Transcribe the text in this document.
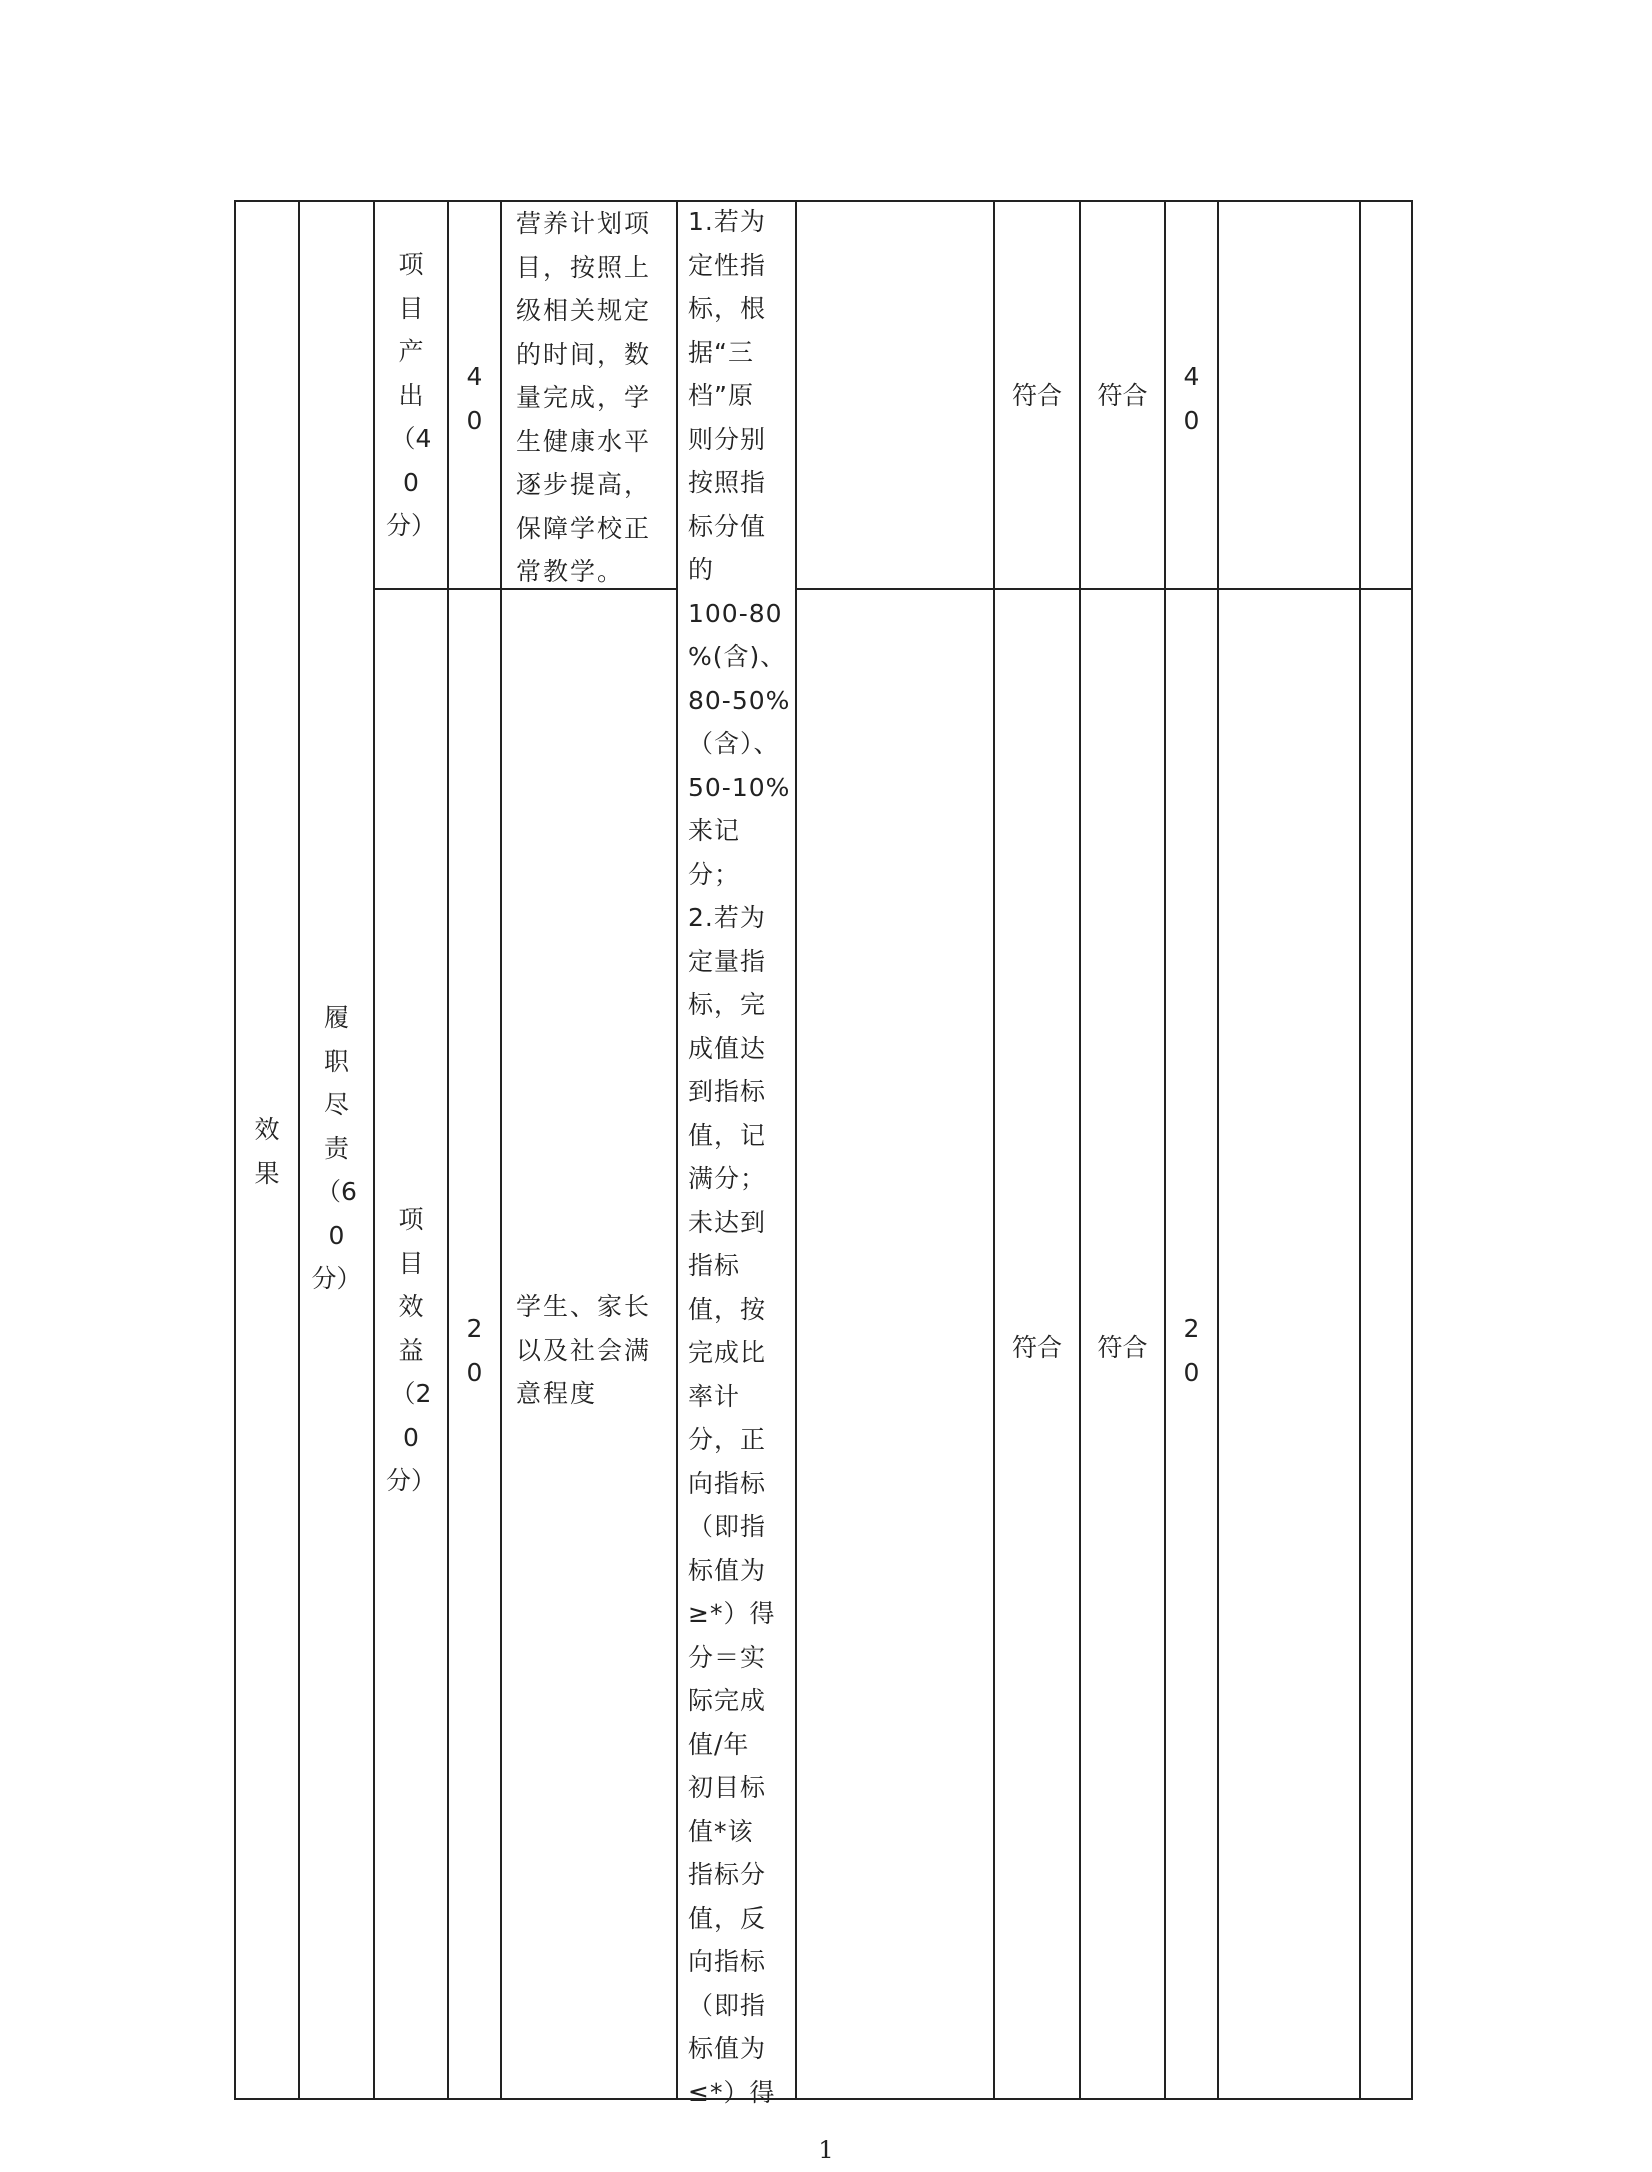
效
果
履
职
尽
责
（6
0
分）
1.若为
定性指
标，根
据“三
档”原
则分别
按照指
标分值
的
100-80
%(含)、
80-50%
（含）、
50-10%
来记
分；
2.若为
定量指
标，完
成值达
到指标
值，记
满分；
未达到
指标
值，按
完成比
率计
分，正
向指标
（即指
标值为
≥*）得
分＝实
际完成
值/年
初目标
值*该
指标分
值，反
向指标
（即指
标值为
≤*）得
项
目
产
出
（4
0
分）
4
0
营养计划项目，按照上级相关规定的时间，数量完成，学生健康水平逐步提高，保障学校正常教学。
符合	符合
4
0
项
目
效
益
（2
0
分）
2
0
学生、家长以及社会满意程度
符合	符合
2
0
1
